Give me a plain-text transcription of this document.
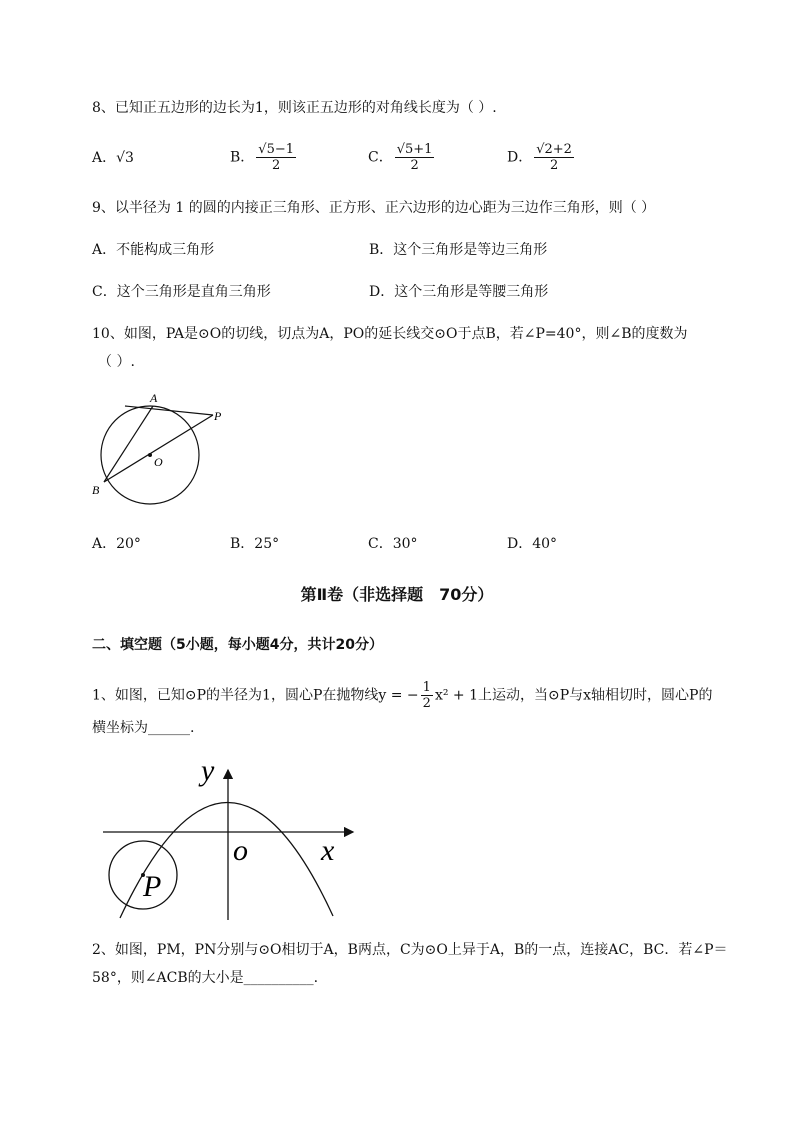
8、已知正五边形的边长为1，则该正五边形的对角线长度为（ ）.
A．√3	B． $\frac{√5-1}{2}$	C． $\frac{√5+1}{2}$	D． $\frac{√2+2}{2}$
9、以半径为 1 的圆的内接正三角形、正方形、正六边形的边心距为三边作三角形，则（ ）
A．不能构成三角形	B．这个三角形是等边三角形
C．这个三角形是直角三角形	D．这个三角形是等腰三角形
10、如图，PA是⊙O的切线，切点为A，PO的延长线交⊙O于点B，若∠P=40°，则∠B的度数为
（ ）.
A
P
O
B
A．20°	B．25°	C．30°	D．40°
第Ⅱ卷（非选择题　70分）
二、填空题（5小题，每小题4分，共计20分）
1、如图，已知⊙P的半径为1，圆心P在抛物线y = − $\frac{1}{2} x^2 + 1$上运动，当⊙P与x轴相切时，圆心P的
横坐标为______.
y
o x
P
2、如图，PM，PN分别与⊙O相切于A，B两点，C为⊙O上异于A，B的一点，连接AC，BC．若∠P＝
58°，则∠ACB的大小是__________.
